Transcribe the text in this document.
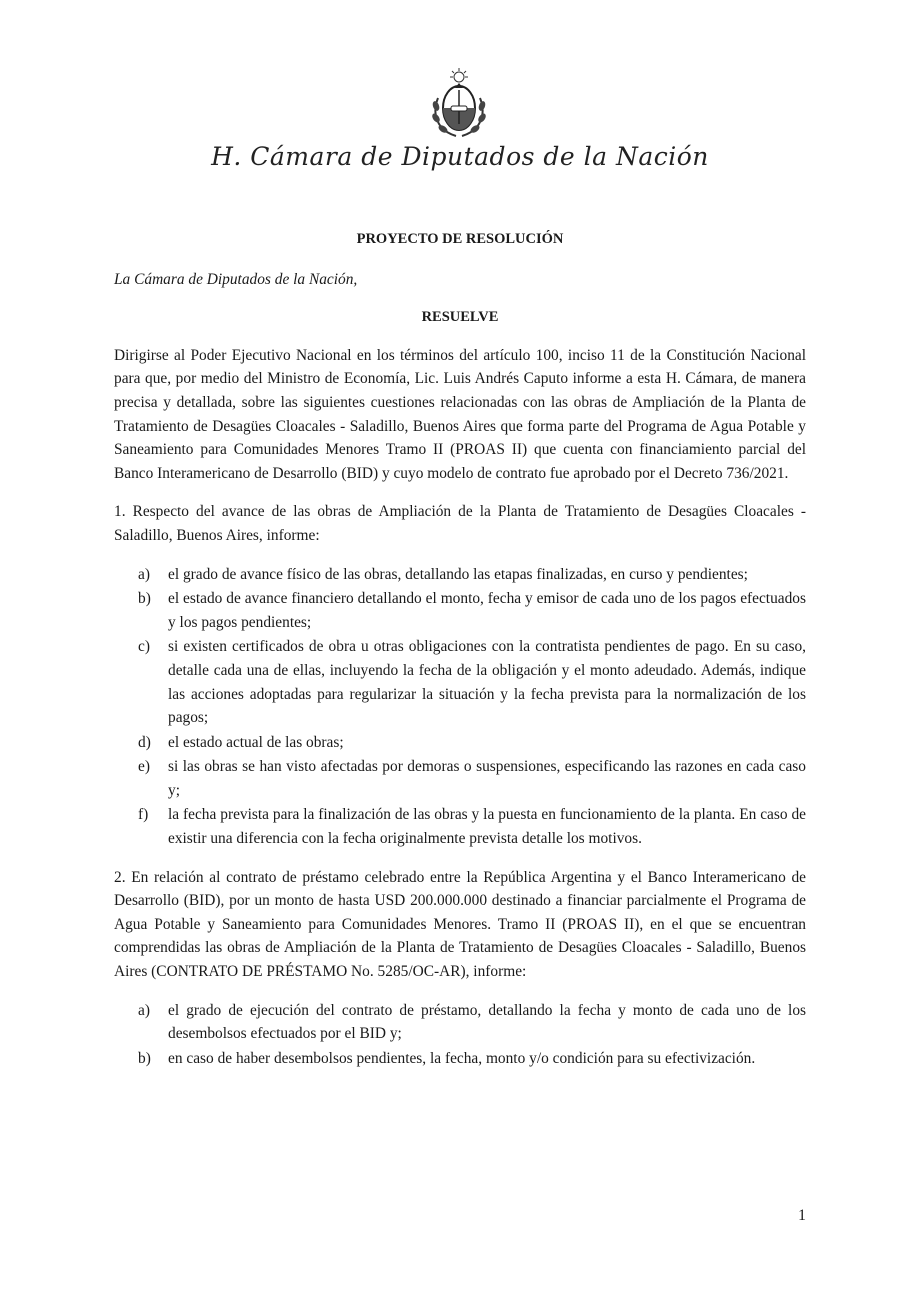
H. Cámara de Diputados de la Nación
PROYECTO DE RESOLUCIÓN
La Cámara de Diputados de la Nación,
RESUELVE

Dirigirse al Poder Ejecutivo Nacional en los términos del artículo 100, inciso 11 de la Constitución Nacional para que, por medio del Ministro de Economía, Lic. Luis Andrés Caputo informe a esta H. Cámara, de manera precisa y detallada, sobre las siguientes cuestiones relacionadas con las obras de Ampliación de la Planta de Tratamiento de Desagües Cloacales - Saladillo, Buenos Aires que forma parte del Programa de Agua Potable y Saneamiento para Comunidades Menores Tramo II (PROAS II) que cuenta con financiamiento parcial del Banco Interamericano de Desarrollo (BID) y cuyo modelo de contrato fue aprobado por el Decreto 736/2021.

1. Respecto del avance de las obras de Ampliación de la Planta de Tratamiento de Desagües Cloacales - Saladillo, Buenos Aires, informe:

a) el grado de avance físico de las obras, detallando las etapas finalizadas, en curso y pendientes;
b) el estado de avance financiero detallando el monto, fecha y emisor de cada uno de los pagos efectuados y los pagos pendientes;
c) si existen certificados de obra u otras obligaciones con la contratista pendientes de pago. En su caso, detalle cada una de ellas, incluyendo la fecha de la obligación y el monto adeudado. Además, indique las acciones adoptadas para regularizar la situación y la fecha prevista para la normalización de los pagos;
d) el estado actual de las obras;
e) si las obras se han visto afectadas por demoras o suspensiones, especificando las razones en cada caso y;
f) la fecha prevista para la finalización de las obras y la puesta en funcionamiento de la planta. En caso de existir una diferencia con la fecha originalmente prevista detalle los motivos.

2. En relación al contrato de préstamo celebrado entre la República Argentina y el Banco Interamericano de Desarrollo (BID), por un monto de hasta USD 200.000.000 destinado a financiar parcialmente el Programa de Agua Potable y Saneamiento para Comunidades Menores. Tramo II (PROAS II), en el que se encuentran comprendidas las obras de Ampliación de la Planta de Tratamiento de Desagües Cloacales - Saladillo, Buenos Aires (CONTRATO DE PRÉSTAMO No. 5285/OC-AR), informe:

a) el grado de ejecución del contrato de préstamo, detallando la fecha y monto de cada uno de los desembolsos efectuados por el BID y;
b) en caso de haber desembolsos pendientes, la fecha, monto y/o condición para su efectivización.
1
